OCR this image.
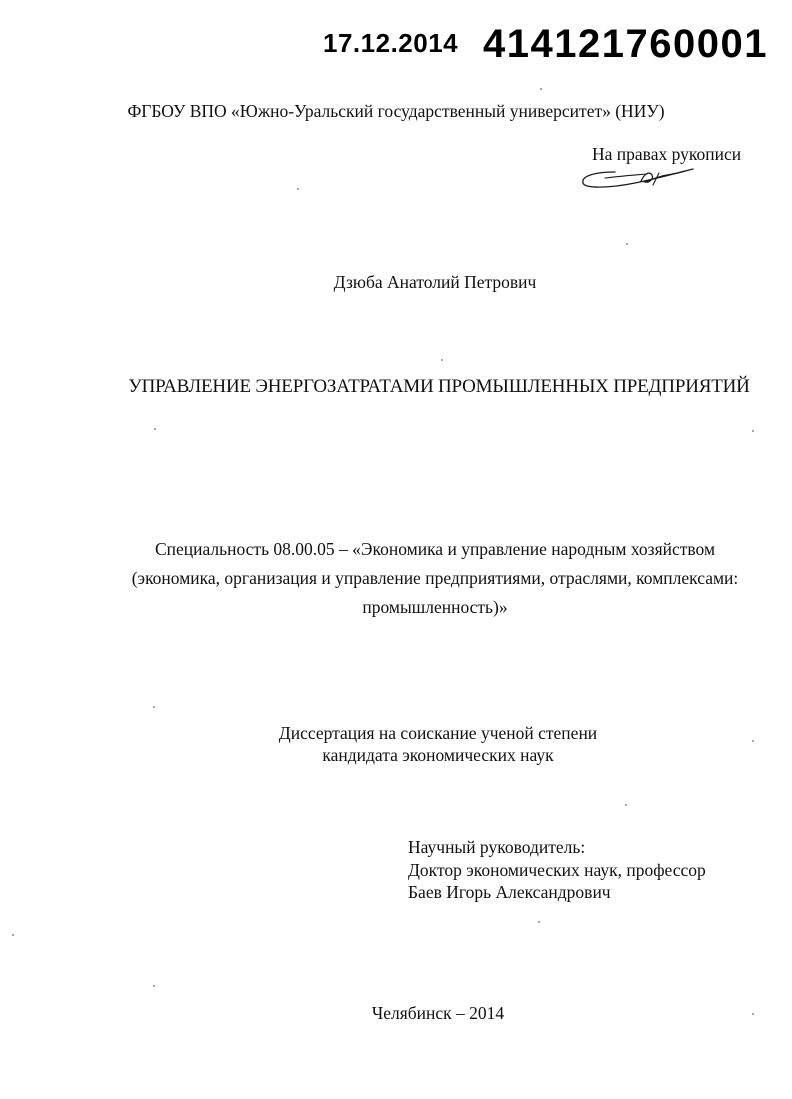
17.12.2014 414121760001
ФГБОУ ВПО «Южно-Уральский государственный университет» (НИУ)
На правах рукописи
Дзюба Анатолий Петрович
УПРАВЛЕНИЕ ЭНЕРГОЗАТРАТАМИ ПРОМЫШЛЕННЫХ ПРЕДПРИЯТИЙ
Специальность 08.00.05 – «Экономика и управление народным хозяйством
(экономика, организация и управление предприятиями, отраслями, комплексами:
промышленность)»
Диссертация на соискание ученой степени
кандидата экономических наук
Научный руководитель:
Доктор экономических наук, профессор
Баев Игорь Александрович
Челябинск – 2014
